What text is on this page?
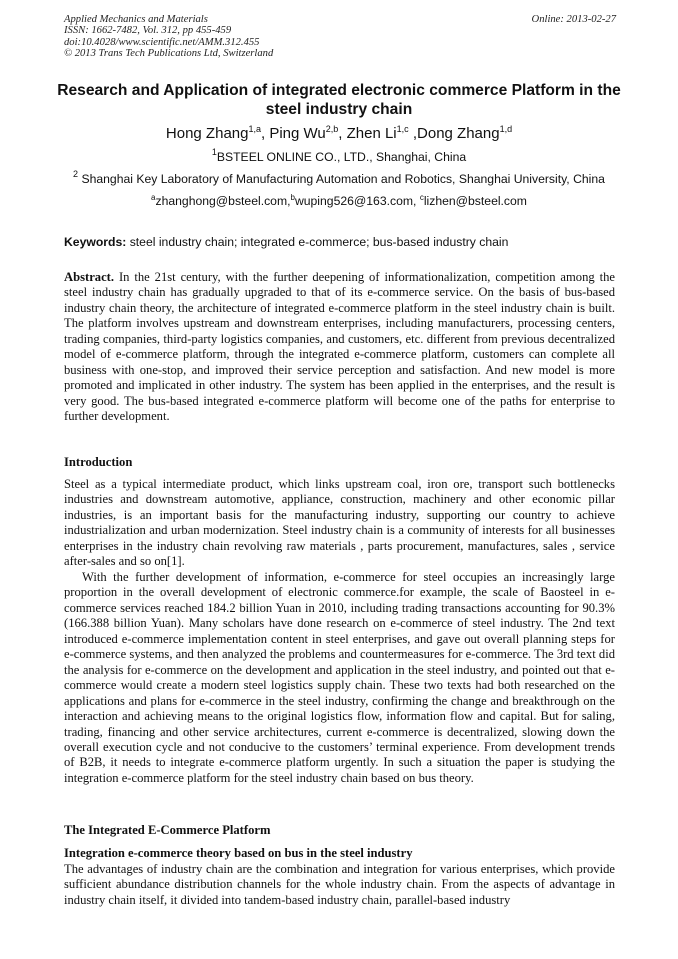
Applied Mechanics and Materials
ISSN: 1662-7482, Vol. 312, pp 455-459
doi:10.4028/www.scientific.net/AMM.312.455
© 2013 Trans Tech Publications Ltd, Switzerland
Online: 2013-02-27
Research and Application of integrated electronic commerce Platform in the steel industry chain
Hong Zhang$^{1,a}$, Ping Wu$^{2,b}$, Zhen Li$^{1,c}$ ,Dong Zhang$^{1,d}$
$^1$BSTEEL ONLINE CO., LTD., Shanghai, China
$^2$ Shanghai Key Laboratory of Manufacturing Automation and Robotics, Shanghai University, China
$^a$zhanghong@bsteel.com,$^b$wuping526@163.com, $^c$lizhen@bsteel.com
Keywords: steel industry chain; integrated e-commerce; bus-based industry chain

Abstract. In the 21st century, with the further deepening of informationalization, competition among the steel industry chain has gradually upgraded to that of its e-commerce service. On the basis of bus-based industry chain theory, the architecture of integrated e-commerce platform in the steel industry chain is built. The platform involves upstream and downstream enterprises, including manufacturers, processing centers, trading companies, third-party logistics companies, and customers, etc. different from previous decentralized model of e-commerce platform, through the integrated e-commerce platform, customers can complete all business with one-stop, and improved their service perception and satisfaction. And new model is more promoted and implicated in other industry. The system has been applied in the enterprises, and the result is very good. The bus-based integrated e-commerce platform will become one of the paths for enterprise to further development.

Introduction

Steel as a typical intermediate product, which links upstream coal, iron ore, transport such bottlenecks industries and downstream automotive, appliance, construction, machinery and other economic pillar industries, is an important basis for the manufacturing industry, supporting our country to achieve industrialization and urban modernization. Steel industry chain is a community of interests for all businesses enterprises in the industry chain revolving raw materials , parts procurement, manufactures, sales , service after-sales and so on[1].

With the further development of information, e-commerce for steel occupies an increasingly large proportion in the overall development of electronic commerce.for example, the scale of Baosteel in e-commerce services reached 184.2 billion Yuan in 2010, including trading transactions accounting for 90.3% (166.388 billion Yuan). Many scholars have done research on e-commerce of steel industry. The 2nd text introduced e-commerce implementation content in steel enterprises, and gave out overall planning steps for e-commerce systems, and then analyzed the problems and countermeasures for e-commerce. The 3rd text did the analysis for e-commerce on the development and application in the steel industry, and pointed out that e-commerce would create a modern steel logistics supply chain. These two texts had both researched on the applications and plans for e-commerce in the steel industry, confirming the change and breakthrough on the interaction and achieving means to the original logistics flow, information flow and capital. But for saling, trading, financing and other service architectures, current e-commerce is decentralized, slowing down the overall execution cycle and not conducive to the customers’ terminal experience. From development trends of B2B, it needs to integrate e-commerce platform urgently. In such a situation the paper is studying the integration e-commerce platform for the steel industry chain based on bus theory.

The Integrated E-Commerce Platform
Integration e-commerce theory based on bus in the steel industry

The advantages of industry chain are the combination and integration for various enterprises, which provide sufficient abundance distribution channels for the whole industry chain. From the aspects of advantage in industry chain itself, it divided into tandem-based industry chain, parallel-based industry
